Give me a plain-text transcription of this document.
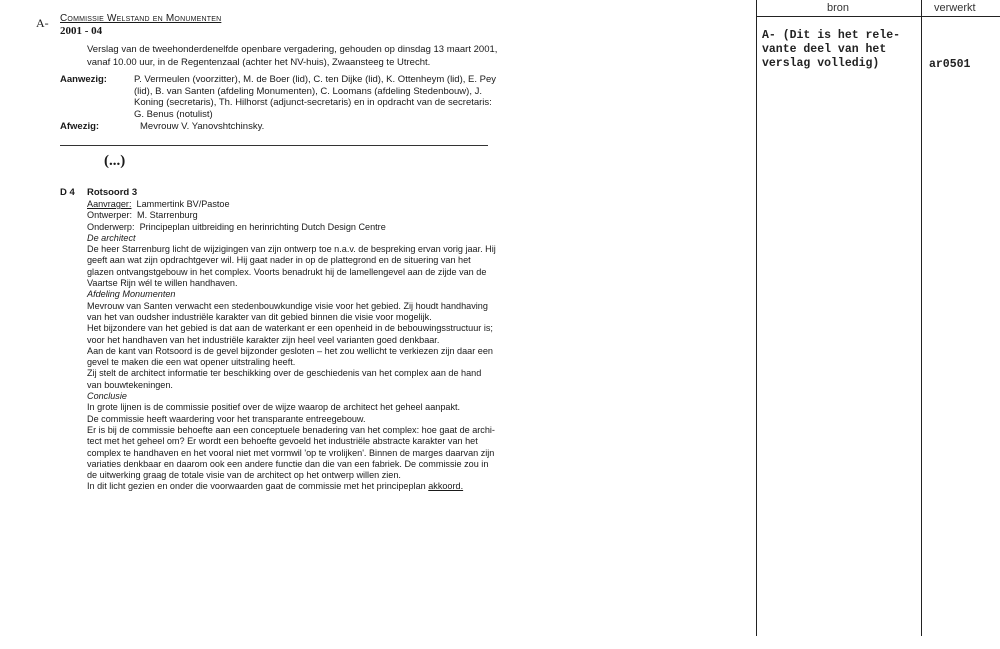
A- Commissie Welstand en Monumenten
2001 - 04
Verslag van de tweehonderdenelfde openbare vergadering, gehouden op dinsdag 13 maart 2001, vanaf 10.00 uur, in de Regentenzaal (achter het NV-huis), Zwaansteeg te Utrecht.
Aanwezig:	P. Vermeulen (voorzitter), M. de Boer (lid), C. ten Dijke (lid), K. Ottenheym (lid), E. Pey (lid), B. van Santen (afdeling Monumenten), C. Loomans (afdeling Stedenbouw), J. Koning (secretaris), Th. Hilhorst (adjunct-secretaris) en in opdracht van de secretaris: G. Benus (notulist)
Afwezig:	Mevrouw V. Yanovshtchinsky.
(...)
D 4 Rotsoord 3
Aanvrager: Lammertink BV/Pastoe
Ontwerper: M. Starrenburg
Onderwerp: Principeplan uitbreiding en herinrichting Dutch Design Centre
De architect
De heer Starrenburg licht de wijzigingen van zijn ontwerp toe n.a.v. de bespreking ervan vorig jaar. Hij
geeft aan wat zijn opdrachtgever wil. Hij gaat nader in op de plattegrond en de situering van het
glazen ontvangstgebouw in het complex. Voorts benadrukt hij de lamellengevel aan de zijde van de
Vaartse Rijn wél te willen handhaven.
Afdeling Monumenten
Mevrouw van Santen verwacht een stedenbouwkundige visie voor het gebied. Zij houdt handhaving
van het van oudsher industriële karakter van dit gebied binnen die visie voor mogelijk.
Het bijzondere van het gebied is dat aan de waterkant er een openheid in de bebouwingsstructuur is;
voor het handhaven van het industriële karakter zijn heel veel varianten goed denkbaar.
Aan de kant van Rotsoord is de gevel bijzonder gesloten – het zou wellicht te verkiezen zijn daar een
gevel te maken die een wat opener uitstraling heeft.
Zij stelt de architect informatie ter beschikking over de geschiedenis van het complex aan de hand
van bouwtekeningen.
Conclusie
In grote lijnen is de commissie positief over de wijze waarop de architect het geheel aanpakt.
De commissie heeft waardering voor het transparante entreegebouw.
Er is bij de commissie behoefte aan een conceptuele benadering van het complex: hoe gaat de archi-
tect met het geheel om? Er wordt een behoefte gevoeld het industriële abstracte karakter van het
complex te handhaven en het vooral niet met vormwil 'op te vrolijken'. Binnen de marges daarvan zijn
variaties denkbaar en daarom ook een andere functie dan die van een fabriek. De commissie zou in
de uitwerking graag de totale visie van de architect op het ontwerp willen zien.
In dit licht gezien en onder die voorwaarden gaat de commissie met het principeplan akkoord.
bron	verwerkt
A- (Dit is het rele-vante deel van het verslag volledig)	ar0501
